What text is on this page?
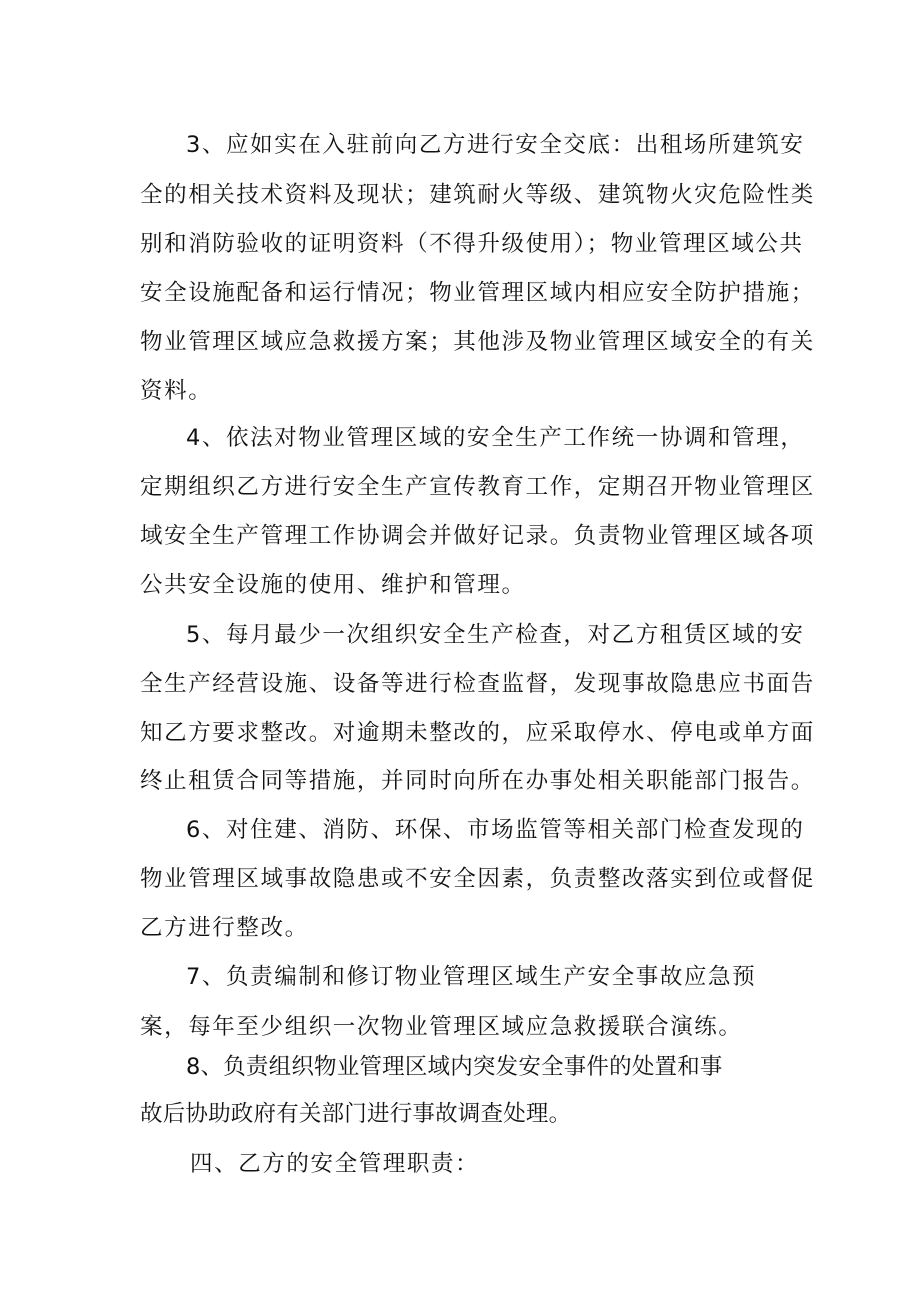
3、应如实在入驻前向乙方进行安全交底：出租场所建筑安

全的相关技术资料及现状；建筑耐火等级、建筑物火灾危险性类

别和消防验收的证明资料（不得升级使用）；物业管理区域公共

安全设施配备和运行情况；物业管理区域内相应安全防护措施；

物业管理区域应急救援方案；其他涉及物业管理区域安全的有关

资料。

4、依法对物业管理区域的安全生产工作统一协调和管理，

定期组织乙方进行安全生产宣传教育工作，定期召开物业管理区

域安全生产管理工作协调会并做好记录。负责物业管理区域各项

公共安全设施的使用、维护和管理。

5、每月最少一次组织安全生产检查，对乙方租赁区域的安

全生产经营设施、设备等进行检查监督，发现事故隐患应书面告

知乙方要求整改。对逾期未整改的，应采取停水、停电或单方面

终止租赁合同等措施，并同时向所在办事处相关职能部门报告。

6、对住建、消防、环保、市场监管等相关部门检查发现的

物业管理区域事故隐患或不安全因素，负责整改落实到位或督促

乙方进行整改。

7、负责编制和修订物业管理区域生产安全事故应急预

案，每年至少组织一次物业管理区域应急救援联合演练。

8、负责组织物业管理区域内突发安全事件的处置和事

故后协助政府有关部门进行事故调查处理。

四、乙方的安全管理职责：
